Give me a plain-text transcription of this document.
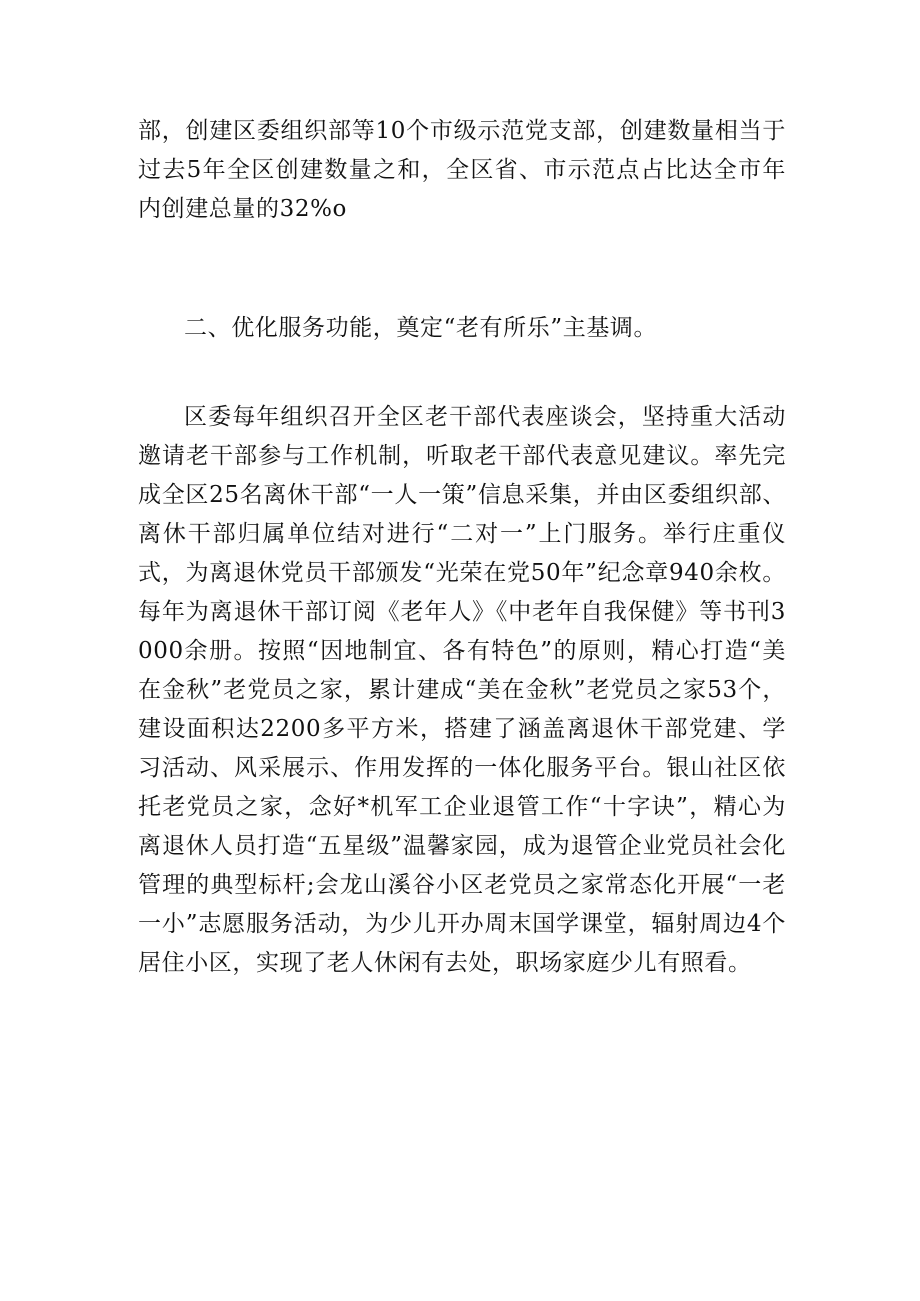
部，创建区委组织部等10个市级示范党支部，创建数量相当于过去5年全区创建数量之和，全区省、市示范点占比达全市年内创建总量的32%o

二、优化服务功能，奠定“老有所乐”主基调。

区委每年组织召开全区老干部代表座谈会，坚持重大活动邀请老干部参与工作机制，听取老干部代表意见建议。率先完成全区25名离休干部“一人一策”信息采集，并由区委组织部、离休干部归属单位结对进行“二对一”上门服务。举行庄重仪式，为离退休党员干部颁发“光荣在党50年”纪念章940余枚。每年为离退休干部订阅《老年人》《中老年自我保健》等书刊3000余册。按照“因地制宜、各有特色”的原则，精心打造“美在金秋”老党员之家，累计建成“美在金秋”老党员之家53个，建设面积达2200多平方米，搭建了涵盖离退休干部党建、学习活动、风采展示、作用发挥的一体化服务平台。银山社区依托老党员之家，念好*机军工企业退管工作“十字诀”，精心为离退休人员打造“五星级”温馨家园，成为退管企业党员社会化管理的典型标杆;会龙山溪谷小区老党员之家常态化开展“一老一小”志愿服务活动，为少儿开办周末国学课堂，辐射周边4个居住小区，实现了老人休闲有去处，职场家庭少儿有照看。
